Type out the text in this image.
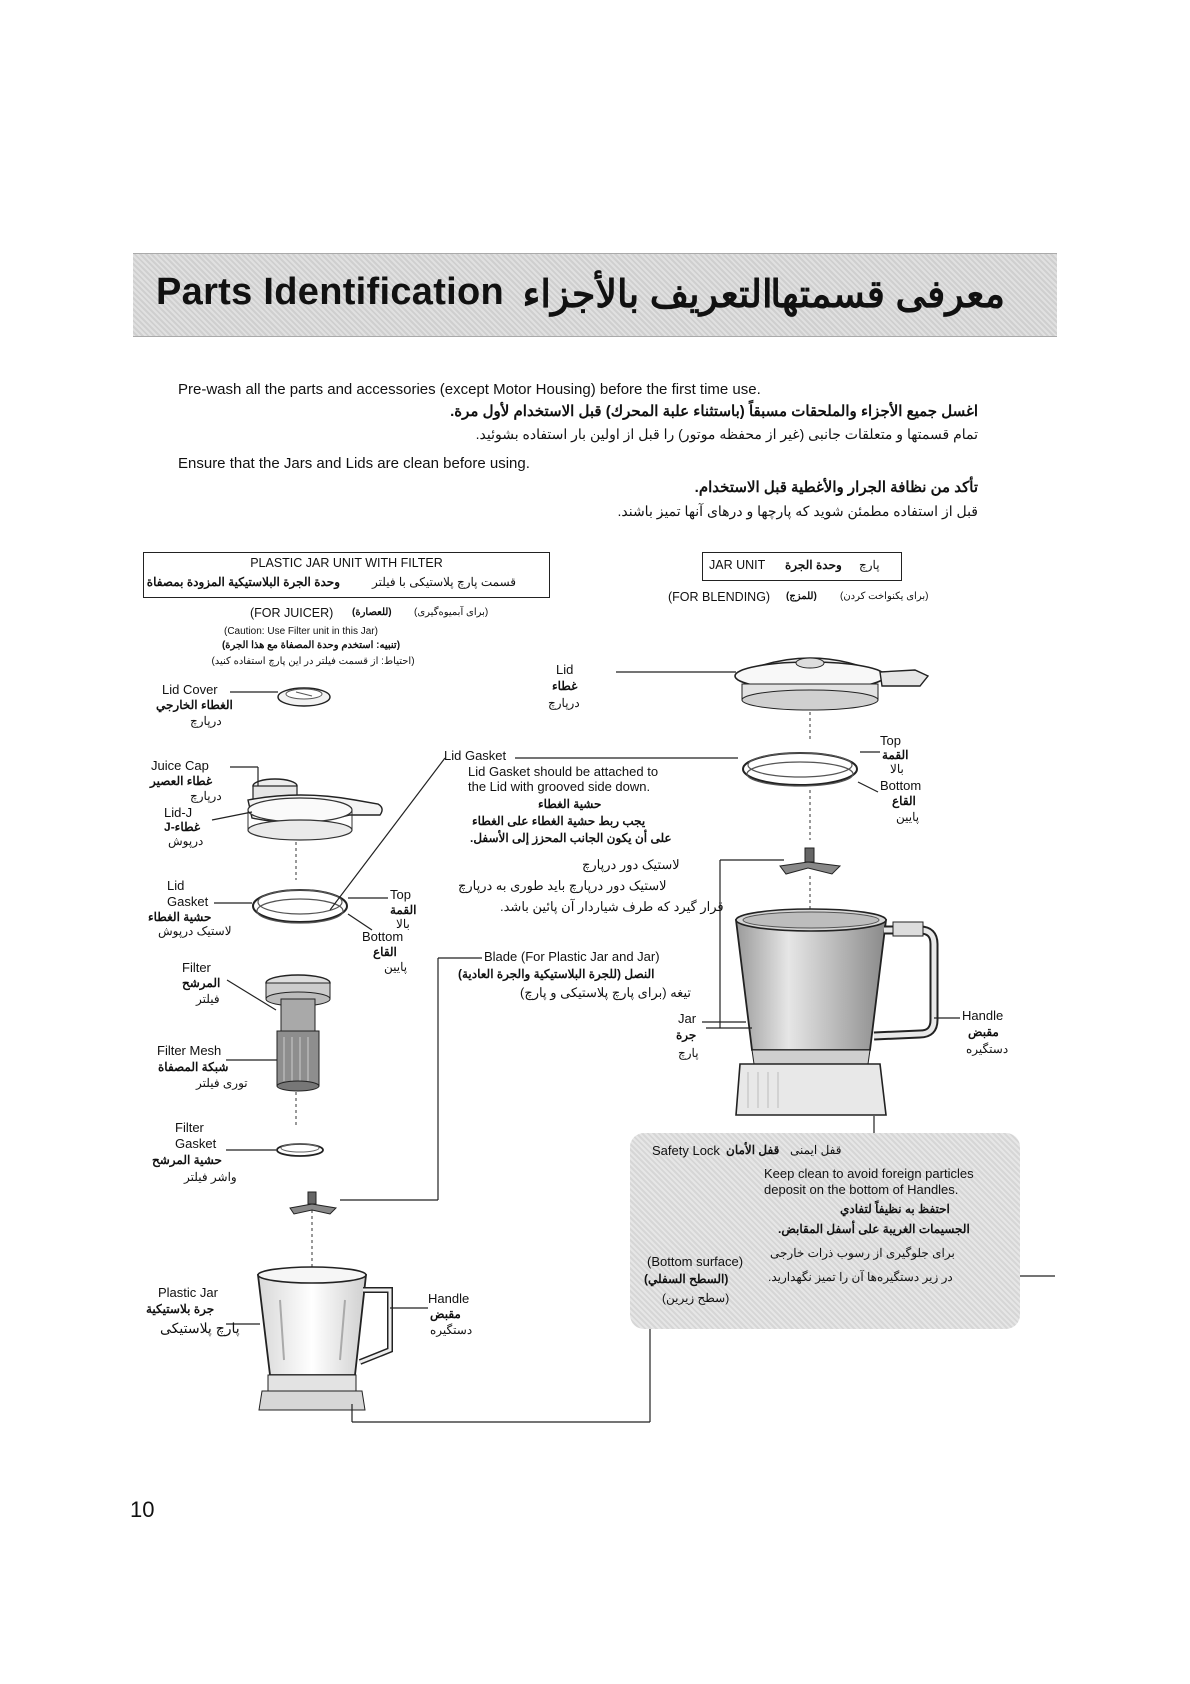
Parts Identification التعريف بالأجزاء
معرفی قسمتها
Pre-wash all the parts and accessories (except Motor Housing) before the first time use.
اغسل جميع الأجزاء والملحقات مسبقاً (باستثناء علبة المحرك) قبل الاستخدام لأول مرة.
تمام قسمتها و متعلقات جانبی (غیر از محفظه موتور) را قبل از اولین بار استفاده بشوئید.
Ensure that the Jars and Lids are clean before using.
تأكد من نظافة الجرار والأغطية قبل الاستخدام.
قبل از استفاده مطمئن شوید که پارچها و درهای آنها تمیز باشند.
PLASTIC JAR UNIT WITH FILTER
وحدة الجرة البلاستيكية المزودة بمصفاة	قسمت پارچ پلاستیکی با فیلتر
(FOR JUICER) (للعصارة) (برای آبمیوه‌گیری)
(Caution: Use Filter unit in this Jar)
(تنبيه: استخدم وحدة المصفاة مع هذا الجرة)
(احتیاط: از قسمت فیلتر در این پارچ استفاده کنید)
JAR UNIT وحدة الجرة پارچ
(FOR BLENDING) (للمزج) (برای یکنواخت کردن)
Lid Cover
الغطاء الخارجي
درپارچ
Juice Cap
غطاء العصير
درپارچ
Lid-J
غطاء-J
درپوش
Lid
Gasket
حشية الغطاء
لاستیک درپوش
Top
القمة
بالا
Bottom
القاع
پایین
Filter
المرشح
فیلتر
Filter Mesh
شبكة المصفاة
توری فیلتر
Filter
Gasket
حشية المرشح
واشر فیلتر
Plastic Jar
جرة بلاستيكية
پارچ پلاستیکی
Handle
مقبض
دستگیره
Lid
غطاء
درپارچ
Lid Gasket
Lid Gasket should be attached to
the Lid with grooved side down.
حشية الغطاء
يجب ربط حشية الغطاء على الغطاء
على أن يكون الجانب المحزز إلى الأسفل.
لاستیک دور درپارچ
لاستیک دور درپارچ باید طوری به درپارچ
قرار گیرد که طرف شیاردار آن پائین باشد.
Top
القمة
بالا
Bottom
القاع
پایین
Blade (For Plastic Jar and Jar)
النصل (للجرة البلاستيكية والجرة العادية)
تیغه (برای پارچ پلاستیکی و پارچ)
Jar
جرة
پارچ
Handle
مقبض
دستگیره
Safety Lock قفل الأمان قفل ایمنی
Keep clean to avoid foreign particles
deposit on the bottom of Handles.
احتفظ به نظيفاً لتفادي
الجسيمات الغريبة على أسفل المقابض.
برای جلوگیری از رسوب ذرات خارجی
در زیر دستگیره‌ها آن را تمیز نگهدارید.
(Bottom surface)
(السطح السفلي)
(سطح زیرین)
10
